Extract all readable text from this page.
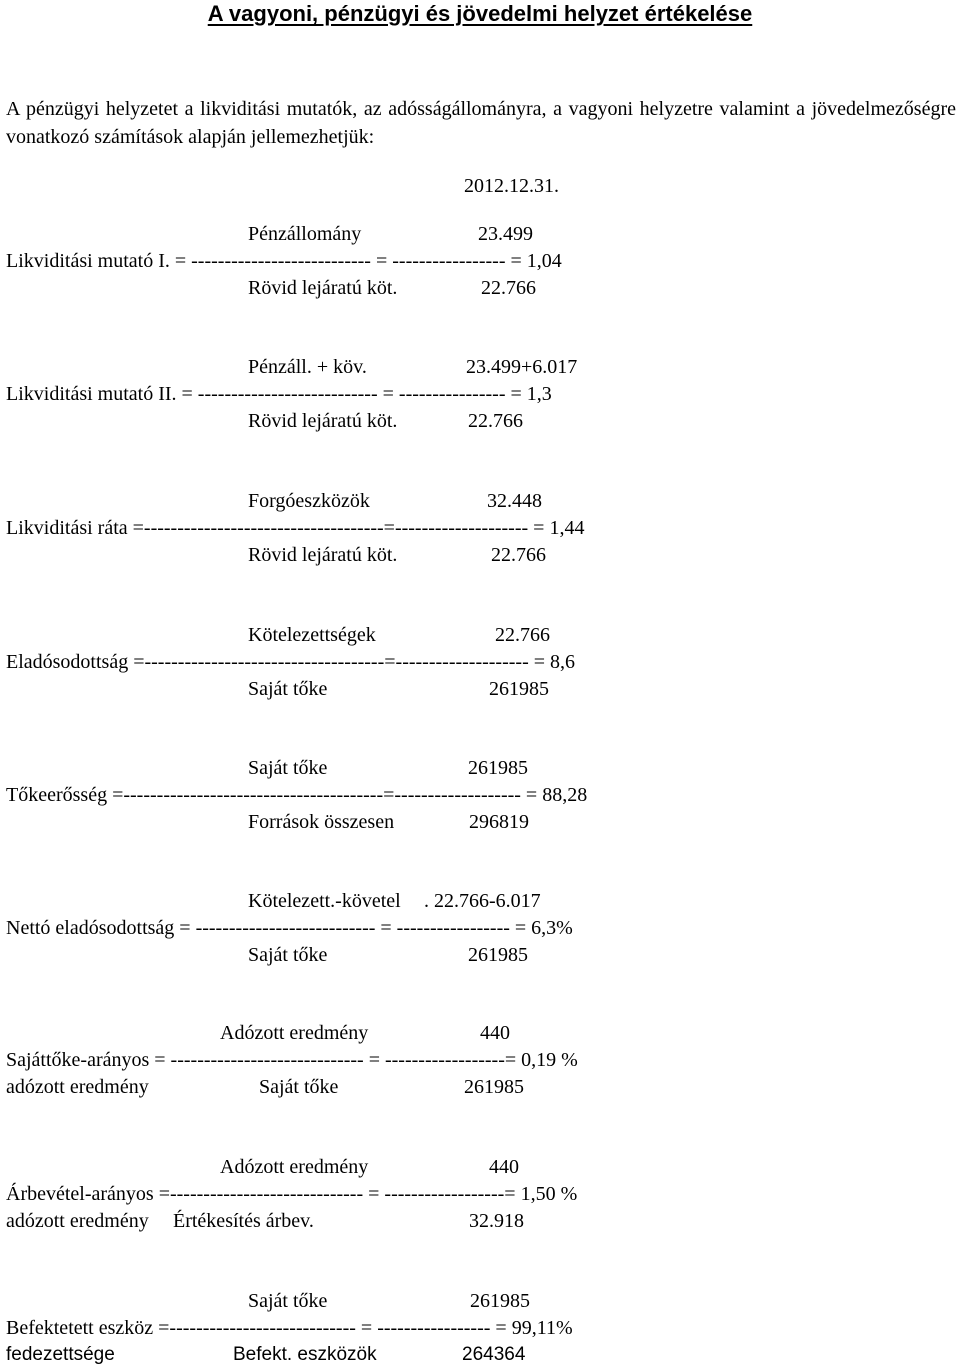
A vagyoni, pénzügyi és jövedelmi helyzet értékelése

A pénzügyi helyzetet a likviditási mutatók, az adósságállományra, a vagyoni helyzetre valamint a jövedelmezőségre vonatkozó számítások alapján jellemezhetjük:

2012.12.31.
Pénzállomány	23.499
Likviditási mutató I. = --------------------------- = ----------------- = 1,04
Rövid lejáratú köt.	22.766
Pénzáll. + köv.	23.499+6.017
Likviditási mutató II. = --------------------------- = ---------------- = 1,3
Rövid lejáratú köt.	22.766
Forgóeszközök	32.448
Likviditási ráta =------------------------------------=-------------------- = 1,44
Rövid lejáratú köt.	22.766
Kötelezettségek	22.766
Eladósodottság =------------------------------------=-------------------- = 8,6
Saját tőke	261985
Saját tőke	261985
Tőkeerősség =---------------------------------------=------------------- = 88,28
Források összesen	296819
Kötelezett.-követel . 22.766-6.017
Nettó eladósodottság = --------------------------- = ----------------- = 6,3%
Saját tőke	261985
Adózott eredmény	440
Sajáttőke-arányos = ----------------------------- = ------------------= 0,19 %
adózott eredmény	Saját tőke	261985
Adózott eredmény	440
Árbevétel-arányos =----------------------------- = ------------------= 1,50 %
adózott eredmény Értékesítés árbev.	32.918
Saját tőke	261985
Befektetett eszköz =---------------------------- = ----------------- = 99,11%
fedezettsége	Befekt. eszközök	264364
